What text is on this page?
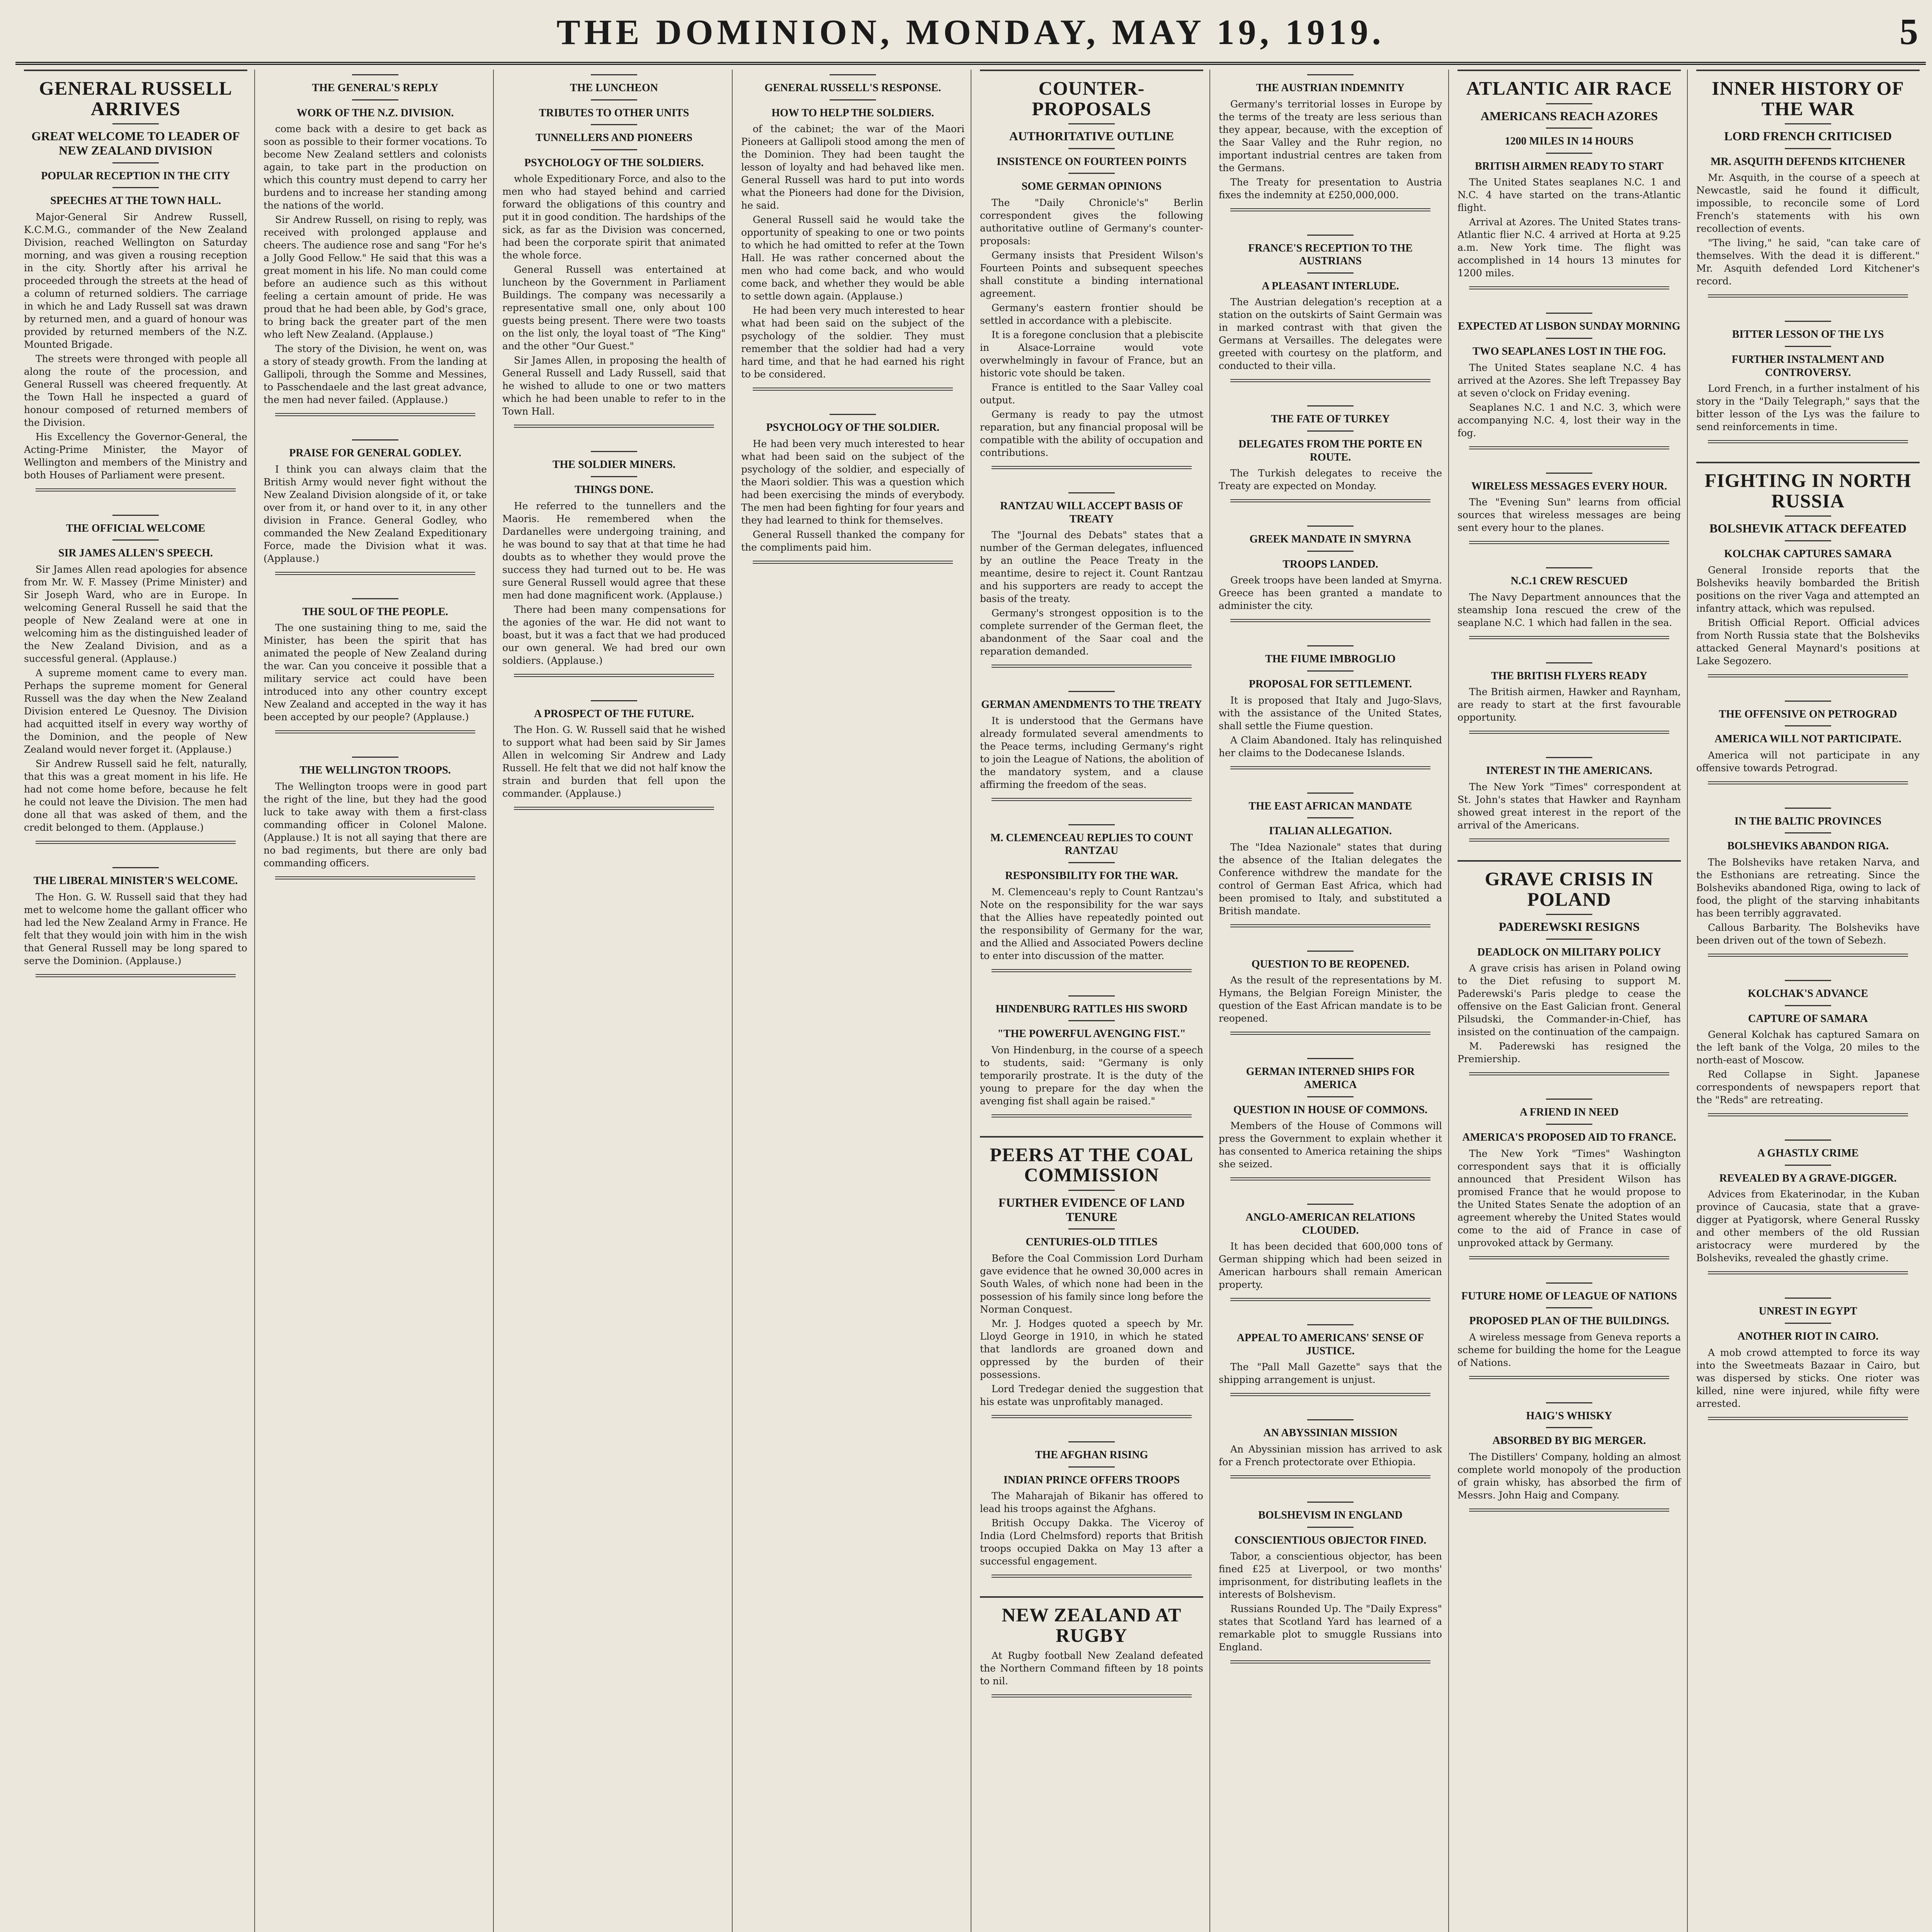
THE DOMINION, MONDAY, MAY 19, 1919.	5
GENERAL RUSSELL ARRIVES
GREAT WELCOME TO LEADER OF NEW ZEALAND DIVISION
POPULAR RECEPTION IN THE CITY
SPEECHES AT THE TOWN HALL.

Major-General Sir Andrew Russell, K.C.M.G., commander of the New Zealand Division, reached Wellington on Saturday morning, and was given a rousing reception in the city. Shortly after his arrival he proceeded through the streets at the head of a column of returned soldiers. The carriage in which he and Lady Russell sat was drawn by returned men, and a guard of honour was provided by returned members of the N.Z. Mounted Brigade.

The streets were thronged with people all along the route of the procession, and General Russell was cheered frequently. At the Town Hall he inspected a guard of honour composed of returned members of the Division.

His Excellency the Governor-General, the Acting-Prime Minister, the Mayor of Wellington and members of the Ministry and both Houses of Parliament were present.

THE OFFICIAL WELCOME
SIR JAMES ALLEN'S SPEECH.

Sir James Allen read apologies for absence from Mr. W. F. Massey (Prime Minister) and Sir Joseph Ward, who are in Europe. In welcoming General Russell he said that the people of New Zealand were at one in welcoming him as the distinguished leader of the New Zealand Division, and as a successful general. (Applause.)

A supreme moment came to every man. Perhaps the supreme moment for General Russell was the day when the New Zealand Division entered Le Quesnoy. The Division had acquitted itself in every way worthy of the Dominion, and the people of New Zealand would never forget it. (Applause.)

Sir Andrew Russell said he felt, naturally, that this was a great moment in his life. He had not come home before, because he felt he could not leave the Division. The men had done all that was asked of them, and the credit belonged to them. (Applause.)

THE LIBERAL MINISTER'S WELCOME.

The Hon. G. W. Russell said that they had met to welcome home the gallant officer who had led the New Zealand Army in France. He felt that they would join with him in the wish that General Russell may be long spared to serve the Dominion. (Applause.)

THE GENERAL'S REPLY
WORK OF THE N.Z. DIVISION.

come back with a desire to get back as soon as possible to their former vocations. To become New Zealand settlers and colonists again, to take part in the production on which this country must depend to carry her burdens and to increase her standing among the nations of the world.

Sir Andrew Russell, on rising to reply, was received with prolonged applause and cheers. The audience rose and sang "For he's a Jolly Good Fellow." He said that this was a great moment in his life. No man could come before an audience such as this without feeling a certain amount of pride. He was proud that he had been able, by God's grace, to bring back the greater part of the men who left New Zealand. (Applause.)

The story of the Division, he went on, was a story of steady growth. From the landing at Gallipoli, through the Somme and Messines, to Passchendaele and the last great advance, the men had never failed. (Applause.)

PRAISE FOR GENERAL GODLEY.

I think you can always claim that the British Army would never fight without the New Zealand Division alongside of it, or take over from it, or hand over to it, in any other division in France. General Godley, who commanded the New Zealand Expeditionary Force, made the Division what it was. (Applause.)

THE SOUL OF THE PEOPLE.

The one sustaining thing to me, said the Minister, has been the spirit that has animated the people of New Zealand during the war. Can you conceive it possible that a military service act could have been introduced into any other country except New Zealand and accepted in the way it has been accepted by our people? (Applause.)

THE WELLINGTON TROOPS.

The Wellington troops were in good part the right of the line, but they had the good luck to take away with them a first-class commanding officer in Colonel Malone. (Applause.) It is not all saying that there are no bad regiments, but there are only bad commanding officers.

THE LUNCHEON
TRIBUTES TO OTHER UNITS
TUNNELLERS AND PIONEERS
PSYCHOLOGY OF THE SOLDIERS.

whole Expeditionary Force, and also to the men who had stayed behind and carried forward the obligations of this country and put it in good condition. The hardships of the sick, as far as the Division was concerned, had been the corporate spirit that animated the whole force.

General Russell was entertained at luncheon by the Government in Parliament Buildings. The company was necessarily a representative small one, only about 100 guests being present. There were two toasts on the list only, the loyal toast of "The King" and the other "Our Guest."

Sir James Allen, in proposing the health of General Russell and Lady Russell, said that he wished to allude to one or two matters which he had been unable to refer to in the Town Hall.

THE SOLDIER MINERS.
THINGS DONE.

He referred to the tunnellers and the Maoris. He remembered when the Dardanelles were undergoing training, and he was bound to say that at that time he had doubts as to whether they would prove the success they had turned out to be. He was sure General Russell would agree that these men had done magnificent work. (Applause.)

There had been many compensations for the agonies of the war. He did not want to boast, but it was a fact that we had produced our own general. We had bred our own soldiers. (Applause.)

A PROSPECT OF THE FUTURE.

The Hon. G. W. Russell said that he wished to support what had been said by Sir James Allen in welcoming Sir Andrew and Lady Russell. He felt that we did not half know the strain and burden that fell upon the commander. (Applause.)

GENERAL RUSSELL'S RESPONSE.
HOW TO HELP THE SOLDIERS.

of the cabinet; the war of the Maori Pioneers at Gallipoli stood among the men of the Dominion. They had been taught the lesson of loyalty and had behaved like men. General Russell was hard to put into words what the Pioneers had done for the Division, he said.

General Russell said he would take the opportunity of speaking to one or two points to which he had omitted to refer at the Town Hall. He was rather concerned about the men who had come back, and who would come back, and whether they would be able to settle down again. (Applause.)

He had been very much interested to hear what had been said on the subject of the psychology of the soldier. They must remember that the soldier had had a very hard time, and that he had earned his right to be considered.

PSYCHOLOGY OF THE SOLDIER.

He had been very much interested to hear what had been said on the subject of the psychology of the soldier, and especially of the Maori soldier. This was a question which had been exercising the minds of everybody. The men had been fighting for four years and they had learned to think for themselves.

General Russell thanked the company for the compliments paid him.

COUNTER-PROPOSALS
AUTHORITATIVE OUTLINE
INSISTENCE ON FOURTEEN POINTS
SOME GERMAN OPINIONS

The "Daily Chronicle's" Berlin correspondent gives the following authoritative outline of Germany's counter-proposals:

Germany insists that President Wilson's Fourteen Points and subsequent speeches shall constitute a binding international agreement.

Germany's eastern frontier should be settled in accordance with a plebiscite.

It is a foregone conclusion that a plebiscite in Alsace-Lorraine would vote overwhelmingly in favour of France, but an historic vote should be taken.

France is entitled to the Saar Valley coal output.

Germany is ready to pay the utmost reparation, but any financial proposal will be compatible with the ability of occupation and contributions.

RANTZAU WILL ACCEPT BASIS OF TREATY

The "Journal des Debats" states that a number of the German delegates, influenced by an outline the Peace Treaty in the meantime, desire to reject it. Count Rantzau and his supporters are ready to accept the basis of the treaty.

Germany's strongest opposition is to the complete surrender of the German fleet, the abandonment of the Saar coal and the reparation demanded.

GERMAN AMENDMENTS TO THE TREATY

It is understood that the Germans have already formulated several amendments to the Peace terms, including Germany's right to join the League of Nations, the abolition of the mandatory system, and a clause affirming the freedom of the seas.

M. CLEMENCEAU REPLIES TO COUNT RANTZAU
RESPONSIBILITY FOR THE WAR.

M. Clemenceau's reply to Count Rantzau's Note on the responsibility for the war says that the Allies have repeatedly pointed out the responsibility of Germany for the war, and the Allied and Associated Powers decline to enter into discussion of the matter.

HINDENBURG RATTLES HIS SWORD
"THE POWERFUL AVENGING FIST."

Von Hindenburg, in the course of a speech to students, said: "Germany is only temporarily prostrate. It is the duty of the young to prepare for the day when the avenging fist shall again be raised."

PEERS AT THE COAL COMMISSION
FURTHER EVIDENCE OF LAND TENURE
CENTURIES-OLD TITLES

Before the Coal Commission Lord Durham gave evidence that he owned 30,000 acres in South Wales, of which none had been in the possession of his family since long before the Norman Conquest.

Mr. J. Hodges quoted a speech by Mr. Lloyd George in 1910, in which he stated that landlords are groaned down and oppressed by the burden of their possessions.

Lord Tredegar denied the suggestion that his estate was unprofitably managed.

THE AFGHAN RISING
INDIAN PRINCE OFFERS TROOPS

The Maharajah of Bikanir has offered to lead his troops against the Afghans.

British Occupy Dakka. The Viceroy of India (Lord Chelmsford) reports that British troops occupied Dakka on May 13 after a successful engagement.

NEW ZEALAND AT RUGBY

At Rugby football New Zealand defeated the Northern Command fifteen by 18 points to nil.

THE AUSTRIAN INDEMNITY

Germany's territorial losses in Europe by the terms of the treaty are less serious than they appear, because, with the exception of the Saar Valley and the Ruhr region, no important industrial centres are taken from the Germans.

The Treaty for presentation to Austria fixes the indemnity at £250,000,000.

FRANCE'S RECEPTION TO THE AUSTRIANS
A PLEASANT INTERLUDE.

The Austrian delegation's reception at a station on the outskirts of Saint Germain was in marked contrast with that given the Germans at Versailles. The delegates were greeted with courtesy on the platform, and conducted to their villa.

THE FATE OF TURKEY
DELEGATES FROM THE PORTE EN ROUTE.

The Turkish delegates to receive the Treaty are expected on Monday.

GREEK MANDATE IN SMYRNA
TROOPS LANDED.

Greek troops have been landed at Smyrna. Greece has been granted a mandate to administer the city.

THE FIUME IMBROGLIO
PROPOSAL FOR SETTLEMENT.

It is proposed that Italy and Jugo-Slavs, with the assistance of the United States, shall settle the Fiume question.

A Claim Abandoned. Italy has relinquished her claims to the Dodecanese Islands.

THE EAST AFRICAN MANDATE
ITALIAN ALLEGATION.

The "Idea Nazionale" states that during the absence of the Italian delegates the Conference withdrew the mandate for the control of German East Africa, which had been promised to Italy, and substituted a British mandate.

QUESTION TO BE REOPENED.

As the result of the representations by M. Hymans, the Belgian Foreign Minister, the question of the East African mandate is to be reopened.

GERMAN INTERNED SHIPS FOR AMERICA
QUESTION IN HOUSE OF COMMONS.

Members of the House of Commons will press the Government to explain whether it has consented to America retaining the ships she seized.

ANGLO-AMERICAN RELATIONS CLOUDED.

It has been decided that 600,000 tons of German shipping which had been seized in American harbours shall remain American property.

APPEAL TO AMERICANS' SENSE OF JUSTICE.

The "Pall Mall Gazette" says that the shipping arrangement is unjust.

AN ABYSSINIAN MISSION

An Abyssinian mission has arrived to ask for a French protectorate over Ethiopia.

BOLSHEVISM IN ENGLAND
CONSCIENTIOUS OBJECTOR FINED.

Tabor, a conscientious objector, has been fined £25 at Liverpool, or two months' imprisonment, for distributing leaflets in the interests of Bolshevism.

Russians Rounded Up. The "Daily Express" states that Scotland Yard has learned of a remarkable plot to smuggle Russians into England.

ATLANTIC AIR RACE
AMERICANS REACH AZORES
1200 MILES IN 14 HOURS
BRITISH AIRMEN READY TO START

The United States seaplanes N.C. 1 and N.C. 4 have started on the trans-Atlantic flight.

Arrival at Azores. The United States trans-Atlantic flier N.C. 4 arrived at Horta at 9.25 a.m. New York time. The flight was accomplished in 14 hours 13 minutes for 1200 miles.

EXPECTED AT LISBON SUNDAY MORNING
TWO SEAPLANES LOST IN THE FOG.

The United States seaplane N.C. 4 has arrived at the Azores. She left Trepassey Bay at seven o'clock on Friday evening.

Seaplanes N.C. 1 and N.C. 3, which were accompanying N.C. 4, lost their way in the fog.

WIRELESS MESSAGES EVERY HOUR.

The "Evening Sun" learns from official sources that wireless messages are being sent every hour to the planes.

N.C.1 CREW RESCUED

The Navy Department announces that the steamship Iona rescued the crew of the seaplane N.C. 1 which had fallen in the sea.

THE BRITISH FLYERS READY

The British airmen, Hawker and Raynham, are ready to start at the first favourable opportunity.

INTEREST IN THE AMERICANS.

The New York "Times" correspondent at St. John's states that Hawker and Raynham showed great interest in the report of the arrival of the Americans.

GRAVE CRISIS IN POLAND
PADEREWSKI RESIGNS
DEADLOCK ON MILITARY POLICY

A grave crisis has arisen in Poland owing to the Diet refusing to support M. Paderewski's Paris pledge to cease the offensive on the East Galician front. General Pilsudski, the Commander-in-Chief, has insisted on the continuation of the campaign.

M. Paderewski has resigned the Premiership.

A FRIEND IN NEED
AMERICA'S PROPOSED AID TO FRANCE.

The New York "Times" Washington correspondent says that it is officially announced that President Wilson has promised France that he would propose to the United States Senate the adoption of an agreement whereby the United States would come to the aid of France in case of unprovoked attack by Germany.

FUTURE HOME OF LEAGUE OF NATIONS
PROPOSED PLAN OF THE BUILDINGS.

A wireless message from Geneva reports a scheme for building the home for the League of Nations.

HAIG'S WHISKY
ABSORBED BY BIG MERGER.

The Distillers' Company, holding an almost complete world monopoly of the production of grain whisky, has absorbed the firm of Messrs. John Haig and Company.

INNER HISTORY OF THE WAR
LORD FRENCH CRITICISED
MR. ASQUITH DEFENDS KITCHENER

Mr. Asquith, in the course of a speech at Newcastle, said he found it difficult, impossible, to reconcile some of Lord French's statements with his own recollection of events.

"The living," he said, "can take care of themselves. With the dead it is different." Mr. Asquith defended Lord Kitchener's record.

BITTER LESSON OF THE LYS
FURTHER INSTALMENT AND CONTROVERSY.

Lord French, in a further instalment of his story in the "Daily Telegraph," says that the bitter lesson of the Lys was the failure to send reinforcements in time.

FIGHTING IN NORTH RUSSIA
BOLSHEVIK ATTACK DEFEATED
KOLCHAK CAPTURES SAMARA

General Ironside reports that the Bolsheviks heavily bombarded the British positions on the river Vaga and attempted an infantry attack, which was repulsed.

British Official Report. Official advices from North Russia state that the Bolsheviks attacked General Maynard's positions at Lake Segozero.

THE OFFENSIVE ON PETROGRAD
AMERICA WILL NOT PARTICIPATE.

America will not participate in any offensive towards Petrograd.

IN THE BALTIC PROVINCES
BOLSHEVIKS ABANDON RIGA.

The Bolsheviks have retaken Narva, and the Esthonians are retreating. Since the Bolsheviks abandoned Riga, owing to lack of food, the plight of the starving inhabitants has been terribly aggravated.

Callous Barbarity. The Bolsheviks have been driven out of the town of Sebezh.

KOLCHAK'S ADVANCE
CAPTURE OF SAMARA

General Kolchak has captured Samara on the left bank of the Volga, 20 miles to the north-east of Moscow.

Red Collapse in Sight. Japanese correspondents of newspapers report that the "Reds" are retreating.

A GHASTLY CRIME
REVEALED BY A GRAVE-DIGGER.

Advices from Ekaterinodar, in the Kuban province of Caucasia, state that a grave-digger at Pyatigorsk, where General Russky and other members of the old Russian aristocracy were murdered by the Bolsheviks, revealed the ghastly crime.

UNREST IN EGYPT
ANOTHER RIOT IN CAIRO.

A mob crowd attempted to force its way into the Sweetmeats Bazaar in Cairo, but was dispersed by sticks. One rioter was killed, nine were injured, while fifty were arrested.
